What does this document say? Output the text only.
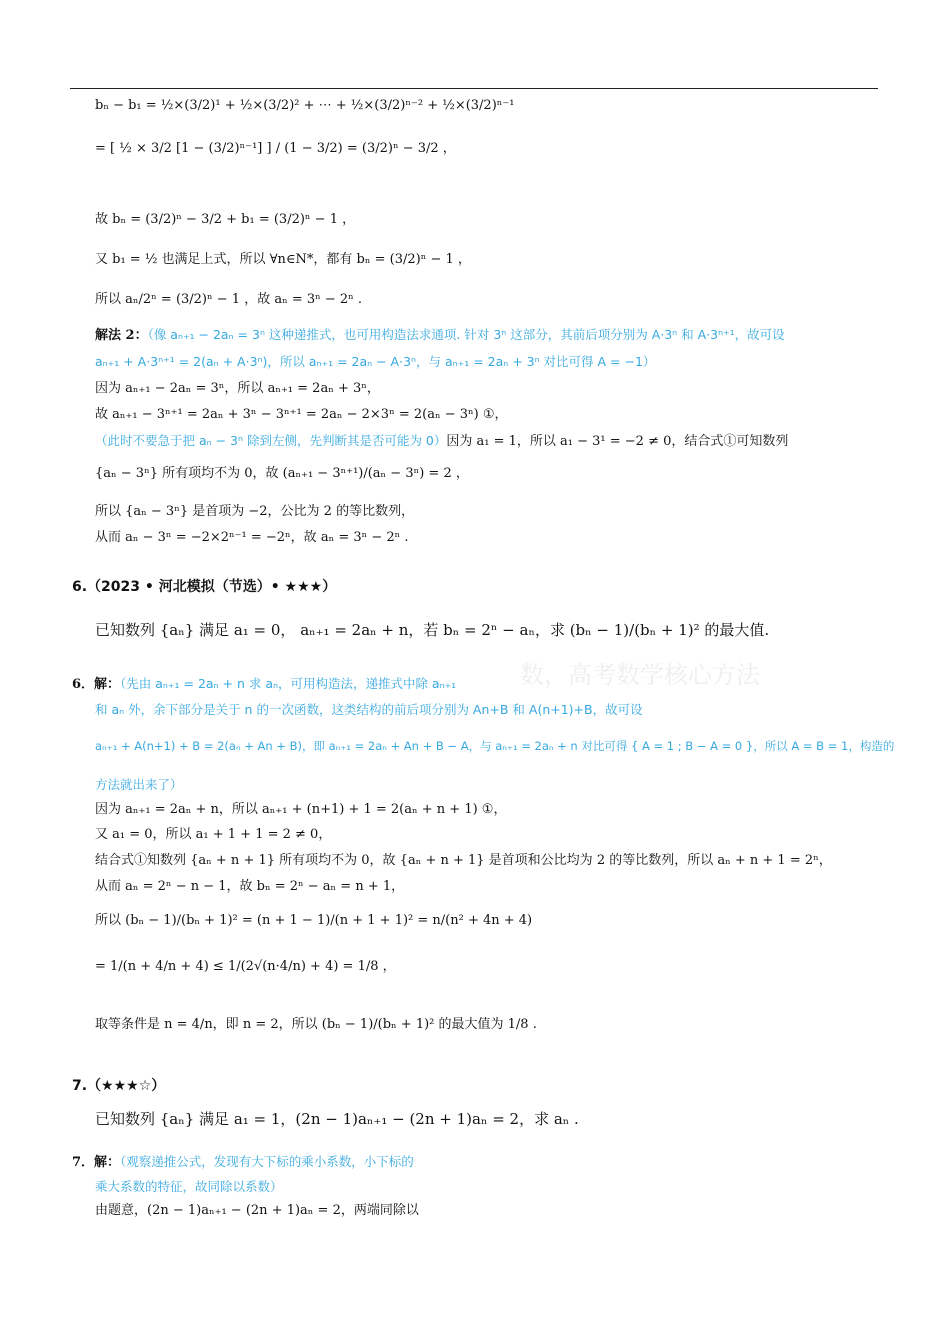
bₙ − b₁ = ½×(3/2)¹ + ½×(3/2)² + ⋯ + ½×(3/2)ⁿ⁻² + ½×(3/2)ⁿ⁻¹
= [ ½ × 3/2 [1 − (3/2)ⁿ⁻¹] ] / (1 − 3/2) = (3/2)ⁿ − 3/2 ，
故 bₙ = (3/2)ⁿ − 3/2 + b₁ = (3/2)ⁿ − 1 ，
又 b₁ = ½ 也满足上式，所以 ∀n∈N*，都有 bₙ = (3/2)ⁿ − 1 ，
所以 aₙ/2ⁿ = (3/2)ⁿ − 1 ，故 aₙ = 3ⁿ − 2ⁿ .
解法 2：（像 aₙ₊₁ − 2aₙ = 3ⁿ 这种递推式，也可用构造法求通项. 针对 3ⁿ 这部分，其前后项分别为 A·3ⁿ 和 A·3ⁿ⁺¹，故可设
aₙ₊₁ + A·3ⁿ⁺¹ = 2(aₙ + A·3ⁿ)，所以 aₙ₊₁ = 2aₙ − A·3ⁿ，与 aₙ₊₁ = 2aₙ + 3ⁿ 对比可得 A = −1）
因为 aₙ₊₁ − 2aₙ = 3ⁿ，所以 aₙ₊₁ = 2aₙ + 3ⁿ，
故 aₙ₊₁ − 3ⁿ⁺¹ = 2aₙ + 3ⁿ − 3ⁿ⁺¹ = 2aₙ − 2×3ⁿ = 2(aₙ − 3ⁿ) ①，
（此时不要急于把 aₙ − 3ⁿ 除到左侧，先判断其是否可能为 0）因为 a₁ = 1，所以 a₁ − 3¹ = −2 ≠ 0，结合式①可知数列
{aₙ − 3ⁿ} 所有项均不为 0，故 (aₙ₊₁ − 3ⁿ⁺¹)/(aₙ − 3ⁿ) = 2 ，
所以 {aₙ − 3ⁿ} 是首项为 −2，公比为 2 的等比数列，
从而 aₙ − 3ⁿ = −2×2ⁿ⁻¹ = −2ⁿ，故 aₙ = 3ⁿ − 2ⁿ .
6.（2023 • 河北模拟（节选）• ★★★）
已知数列 {aₙ} 满足 a₁ = 0， aₙ₊₁ = 2aₙ + n，若 bₙ = 2ⁿ − aₙ，求 (bₙ − 1)/(bₙ + 1)² 的最大值.
数，高考数学核心方法
6．解：（先由 aₙ₊₁ = 2aₙ + n 求 aₙ，可用构造法，递推式中除 aₙ₊₁
和 aₙ 外，余下部分是关于 n 的一次函数，这类结构的前后项分别为 An+B 和 A(n+1)+B，故可设
aₙ₊₁ + A(n+1) + B = 2(aₙ + An + B)，即 aₙ₊₁ = 2aₙ + An + B − A，与 aₙ₊₁ = 2aₙ + n 对比可得 { A = 1 ; B − A = 0 }，所以 A = B = 1，构造的
方法就出来了）
因为 aₙ₊₁ = 2aₙ + n，所以 aₙ₊₁ + (n+1) + 1 = 2(aₙ + n + 1) ①，
又 a₁ = 0，所以 a₁ + 1 + 1 = 2 ≠ 0，
结合式①知数列 {aₙ + n + 1} 所有项均不为 0，故 {aₙ + n + 1} 是首项和公比均为 2 的等比数列，所以 aₙ + n + 1 = 2ⁿ，
从而 aₙ = 2ⁿ − n − 1，故 bₙ = 2ⁿ − aₙ = n + 1，
所以 (bₙ − 1)/(bₙ + 1)² = (n + 1 − 1)/(n + 1 + 1)² = n/(n² + 4n + 4)
= 1/(n + 4/n + 4) ≤ 1/(2√(n·4/n) + 4) = 1/8 ，
取等条件是 n = 4/n，即 n = 2，所以 (bₙ − 1)/(bₙ + 1)² 的最大值为 1/8 .
7.（★★★☆）
已知数列 {aₙ} 满足 a₁ = 1，(2n − 1)aₙ₊₁ − (2n + 1)aₙ = 2，求 aₙ .
7．解：（观察递推公式，发现有大下标的乘小系数，小下标的
乘大系数的特征，故同除以系数）
由题意，(2n − 1)aₙ₊₁ − (2n + 1)aₙ = 2，两端同除以
